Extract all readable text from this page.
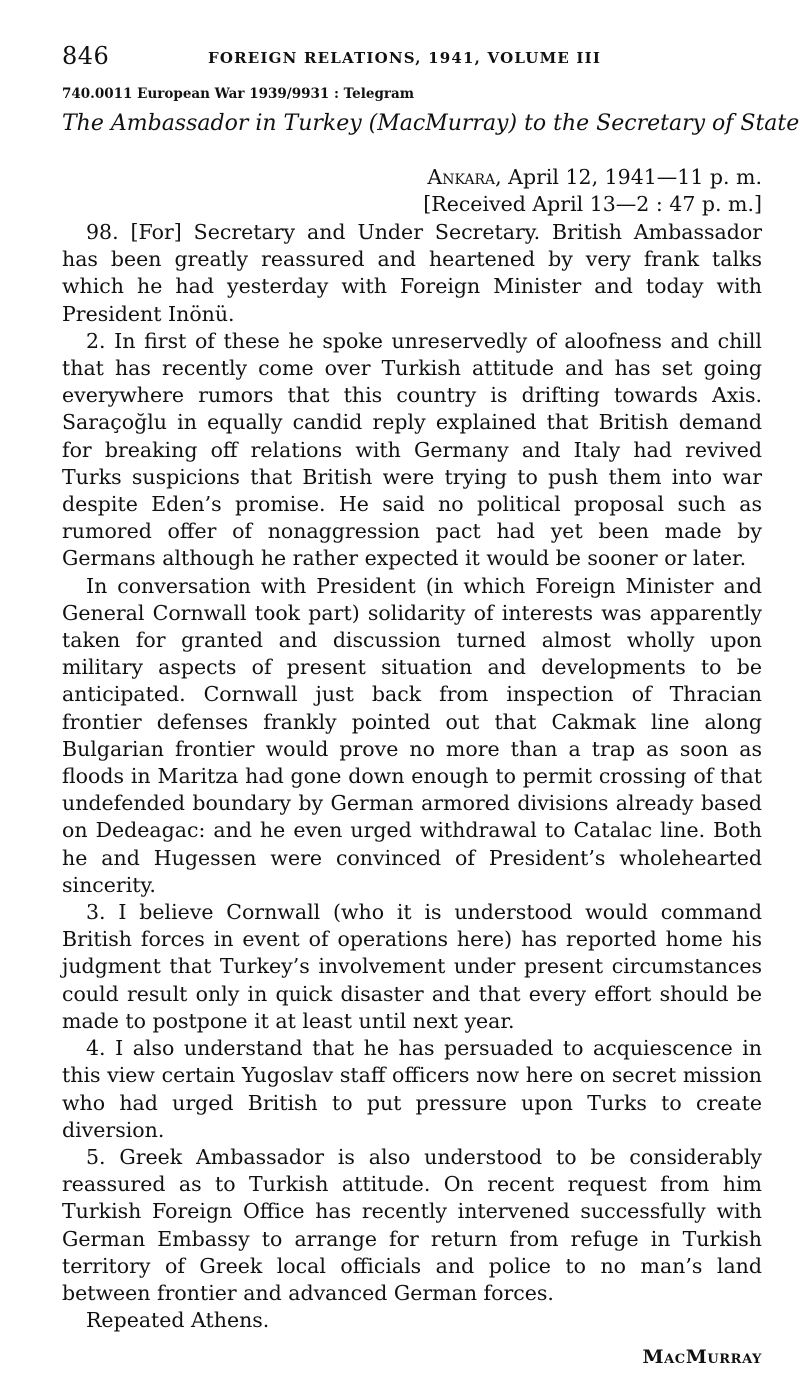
846	FOREIGN RELATIONS, 1941, VOLUME III
740.0011 European War 1939/9931 : Telegram
The Ambassador in Turkey (MacMurray) to the Secretary of State
Ankara, April 12, 1941—11 p. m.
[Received April 13—2 : 47 p. m.]

98. [For] Secretary and Under Secretary. British Ambassador has been greatly reassured and heartened by very frank talks which he had yesterday with Foreign Minister and today with President Inönü.

2. In first of these he spoke unreservedly of aloofness and chill that has recently come over Turkish attitude and has set going everywhere rumors that this country is drifting towards Axis. Saraçoğlu in equally candid reply explained that British demand for breaking off relations with Germany and Italy had revived Turks suspicions that British were trying to push them into war despite Eden’s promise. He said no political proposal such as rumored offer of nonaggression pact had yet been made by Germans although he rather expected it would be sooner or later.

In conversation with President (in which Foreign Minister and General Cornwall took part) solidarity of interests was apparently taken for granted and discussion turned almost wholly upon military aspects of present situation and developments to be anticipated. Cornwall just back from inspection of Thracian frontier defenses frankly pointed out that Cakmak line along Bulgarian frontier would prove no more than a trap as soon as floods in Maritza had gone down enough to permit crossing of that undefended boundary by German armored divisions already based on Dedeagac: and he even urged withdrawal to Catalac line. Both he and Hugessen were convinced of President’s wholehearted sincerity.

3. I believe Cornwall (who it is understood would command British forces in event of operations here) has reported home his judgment that Turkey’s involvement under present circumstances could result only in quick disaster and that every effort should be made to postpone it at least until next year.

4. I also understand that he has persuaded to acquiescence in this view certain Yugoslav staff officers now here on secret mission who had urged British to put pressure upon Turks to create diversion.

5. Greek Ambassador is also understood to be considerably reassured as to Turkish attitude. On recent request from him Turkish Foreign Office has recently intervened successfully with German Embassy to arrange for return from refuge in Turkish territory of Greek local officials and police to no man’s land between frontier and advanced German forces.

Repeated Athens.

MacMurray
